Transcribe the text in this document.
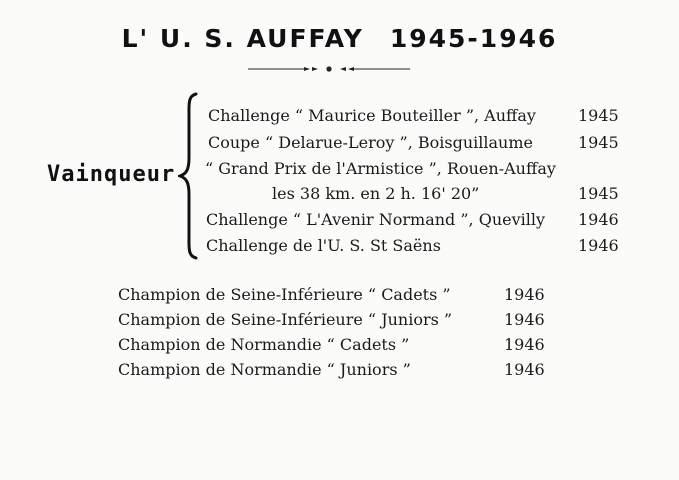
L' U. S. AUFFAY 1945-1946
Vainqueur
Challenge “ Maurice Bouteiller ”, Auffay	1945
Coupe “ Delarue-Leroy ”, Boisguillaume	1945
“ Grand Prix de l'Armistice ”, Rouen-Auffay
les 38 km. en 2 h. 16' 20”	1945
Challenge “ L'Avenir Normand ”, Quevilly 1946
Challenge de l'U. S. St Saëns	1946
Champion de Seine-Inférieure “ Cadets ”	1946
Champion de Seine-Inférieure “ Juniors ”	1946
Champion de Normandie “ Cadets ”	1946
Champion de Normandie “ Juniors ”	1946
